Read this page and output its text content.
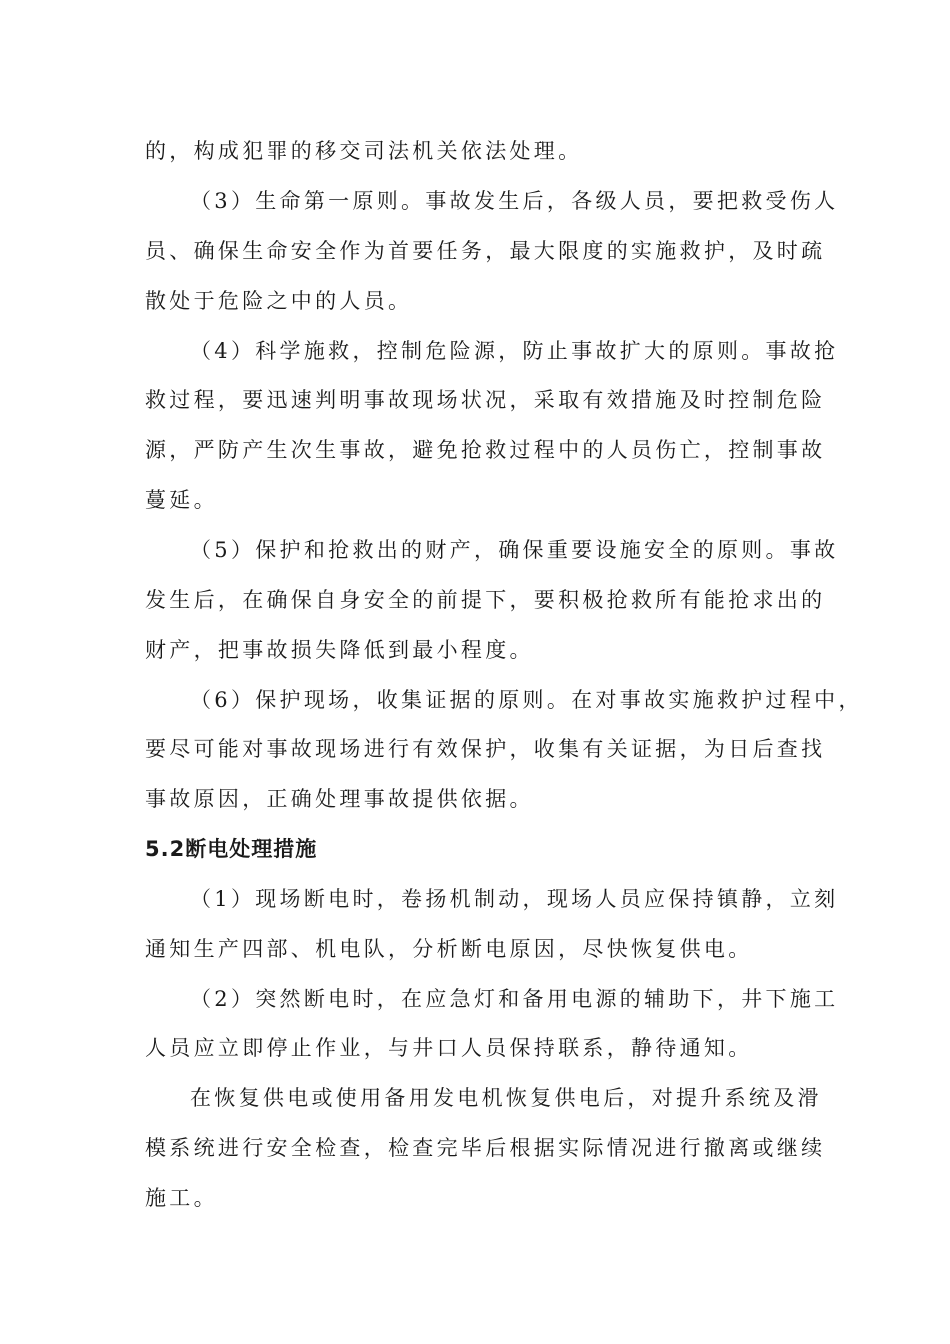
的，构成犯罪的移交司法机关依法处理。
（3）生命第一原则。事故发生后，各级人员，要把救受伤人
员、确保生命安全作为首要任务，最大限度的实施救护，及时疏
散处于危险之中的人员。
（4）科学施救，控制危险源，防止事故扩大的原则。事故抢
救过程，要迅速判明事故现场状况，采取有效措施及时控制危险
源，严防产生次生事故，避免抢救过程中的人员伤亡，控制事故
蔓延。
（5）保护和抢救出的财产，确保重要设施安全的原则。事故
发生后，在确保自身安全的前提下，要积极抢救所有能抢求出的
财产，把事故损失降低到最小程度。
（6）保护现场，收集证据的原则。在对事故实施救护过程中，
要尽可能对事故现场进行有效保护，收集有关证据，为日后查找
事故原因，正确处理事故提供依据。
5.2断电处理措施
（1）现场断电时，卷扬机制动，现场人员应保持镇静，立刻
通知生产四部、机电队，分析断电原因，尽快恢复供电。
（2）突然断电时，在应急灯和备用电源的辅助下，井下施工
人员应立即停止作业，与井口人员保持联系，静待通知。
在恢复供电或使用备用发电机恢复供电后，对提升系统及滑
模系统进行安全检查，检查完毕后根据实际情况进行撤离或继续
施工。
